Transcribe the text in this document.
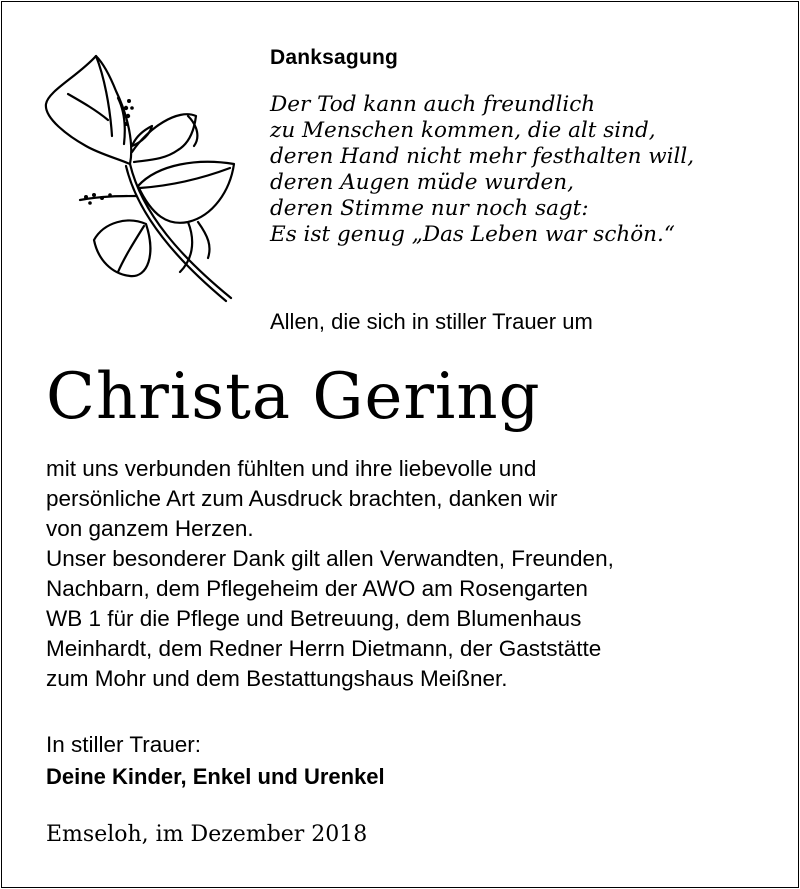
Danksagung
Der Tod kann auch freundlich
zu Menschen kommen, die alt sind,
deren Hand nicht mehr festhalten will,
deren Augen müde wurden,
deren Stimme nur noch sagt:
Es ist genug „Das Leben war schön.“
Allen, die sich in stiller Trauer um
Christa Gering
mit uns verbunden fühlten und ihre liebevolle und
persönliche Art zum Ausdruck brachten, danken wir
von ganzem Herzen.
Unser besonderer Dank gilt allen Verwandten, Freunden,
Nachbarn, dem Pflegeheim der AWO am Rosengarten
WB 1 für die Pflege und Betreuung, dem Blumenhaus
Meinhardt, dem Redner Herrn Dietmann, der Gaststätte
zum Mohr und dem Bestattungshaus Meißner.
In stiller Trauer:
Deine Kinder, Enkel und Urenkel
Emseloh, im Dezember 2018
